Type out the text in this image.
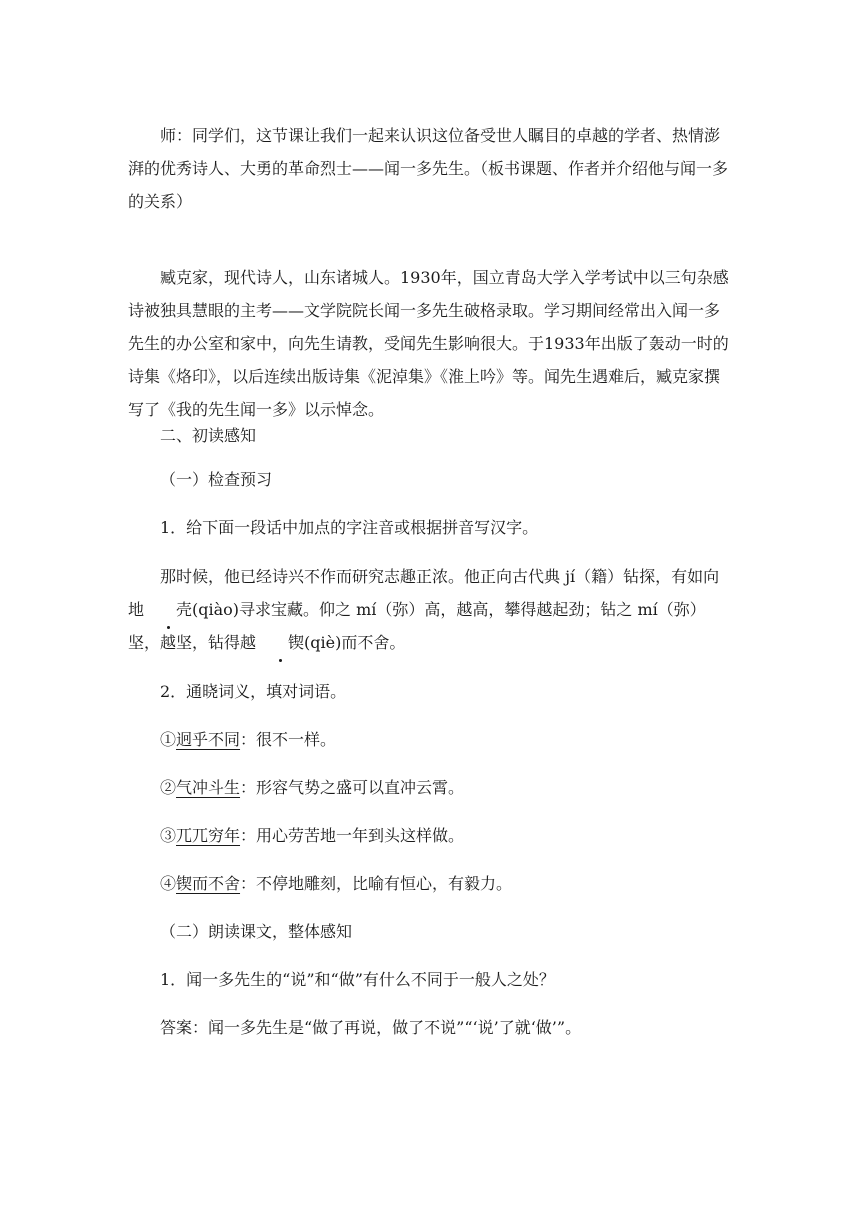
师：同学们，这节课让我们一起来认识这位备受世人瞩目的卓越的学者、热情澎湃的优秀诗人、大勇的革命烈士——闻一多先生。（板书课题、作者并介绍他与闻一多的关系）

臧克家，现代诗人，山东诸城人。1930年，国立青岛大学入学考试中以三句杂感诗被独具慧眼的主考——文学院院长闻一多先生破格录取。学习期间经常出入闻一多先生的办公室和家中，向先生请教，受闻先生影响很大。于1933年出版了轰动一时的诗集《烙印》，以后连续出版诗集《泥淖集》《淮上吟》等。闻先生遇难后，臧克家撰写了《我的先生闻一多》以示悼念。

二、初读感知

（一）检查预习

1．给下面一段话中加点的字注音或根据拼音写汉字。

那时候，他已经诗兴不作而研究志趣正浓。他正向古代典 jí（籍）钻探，有如向地 壳(qiào)寻求宝藏。仰之 mí（弥）高，越高，攀得越起劲；钻之 mí（弥）坚，越坚，钻得越 锲(qiè)而不舍。

2．通晓词义，填对词语。

①迥乎不同：很不一样。

②气冲斗生：形容气势之盛可以直冲云霄。

③兀兀穷年：用心劳苦地一年到头这样做。

④锲而不舍：不停地雕刻，比喻有恒心，有毅力。

（二）朗读课文，整体感知

1．闻一多先生的“说”和“做”有什么不同于一般人之处？

答案：闻一多先生是“做了再说，做了不说”“‘说’了就‘做’”。
